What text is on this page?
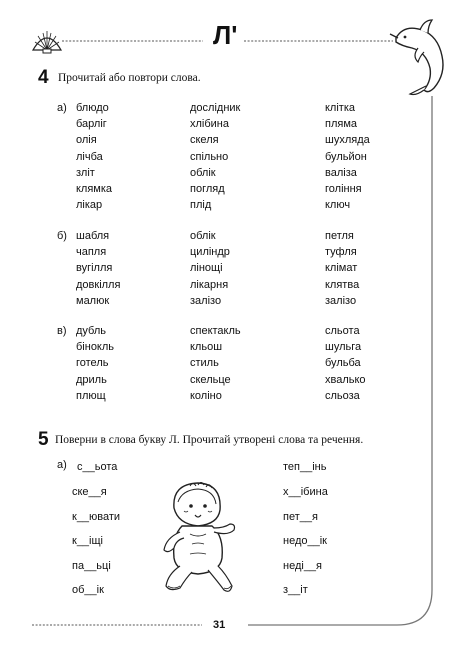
Л'
4 Прочитай або повтори слова.
а) блюдо
барліг
олія
лічба
зліт
клямка
лікар
дослідник
хлібина
скеля
спільно
облік
погляд
плід
клітка
пляма
шухляда
бульйон
валіза
гоління
ключ
б) шабля
чапля
вугілля
довкілля
малюк
облік
циліндр
лінощі
лікарня
залізо
петля
туфля
клімат
клятва
залізо
в) дубль
бінокль
готель
дриль
плющ
спектакль
кльош
стиль
скельце
коліно
сльота
шульга
бульба
хвалько
сльоза
5 Поверни в слова букву Л. Прочитай утворені слова та речення.
а) с__ьота
ске__я
к__ювати
к__іщі
па__ьці
об__ік
теп__інь
х__ібина
пет__я
недо__ік
неді__я
з__іт
31
